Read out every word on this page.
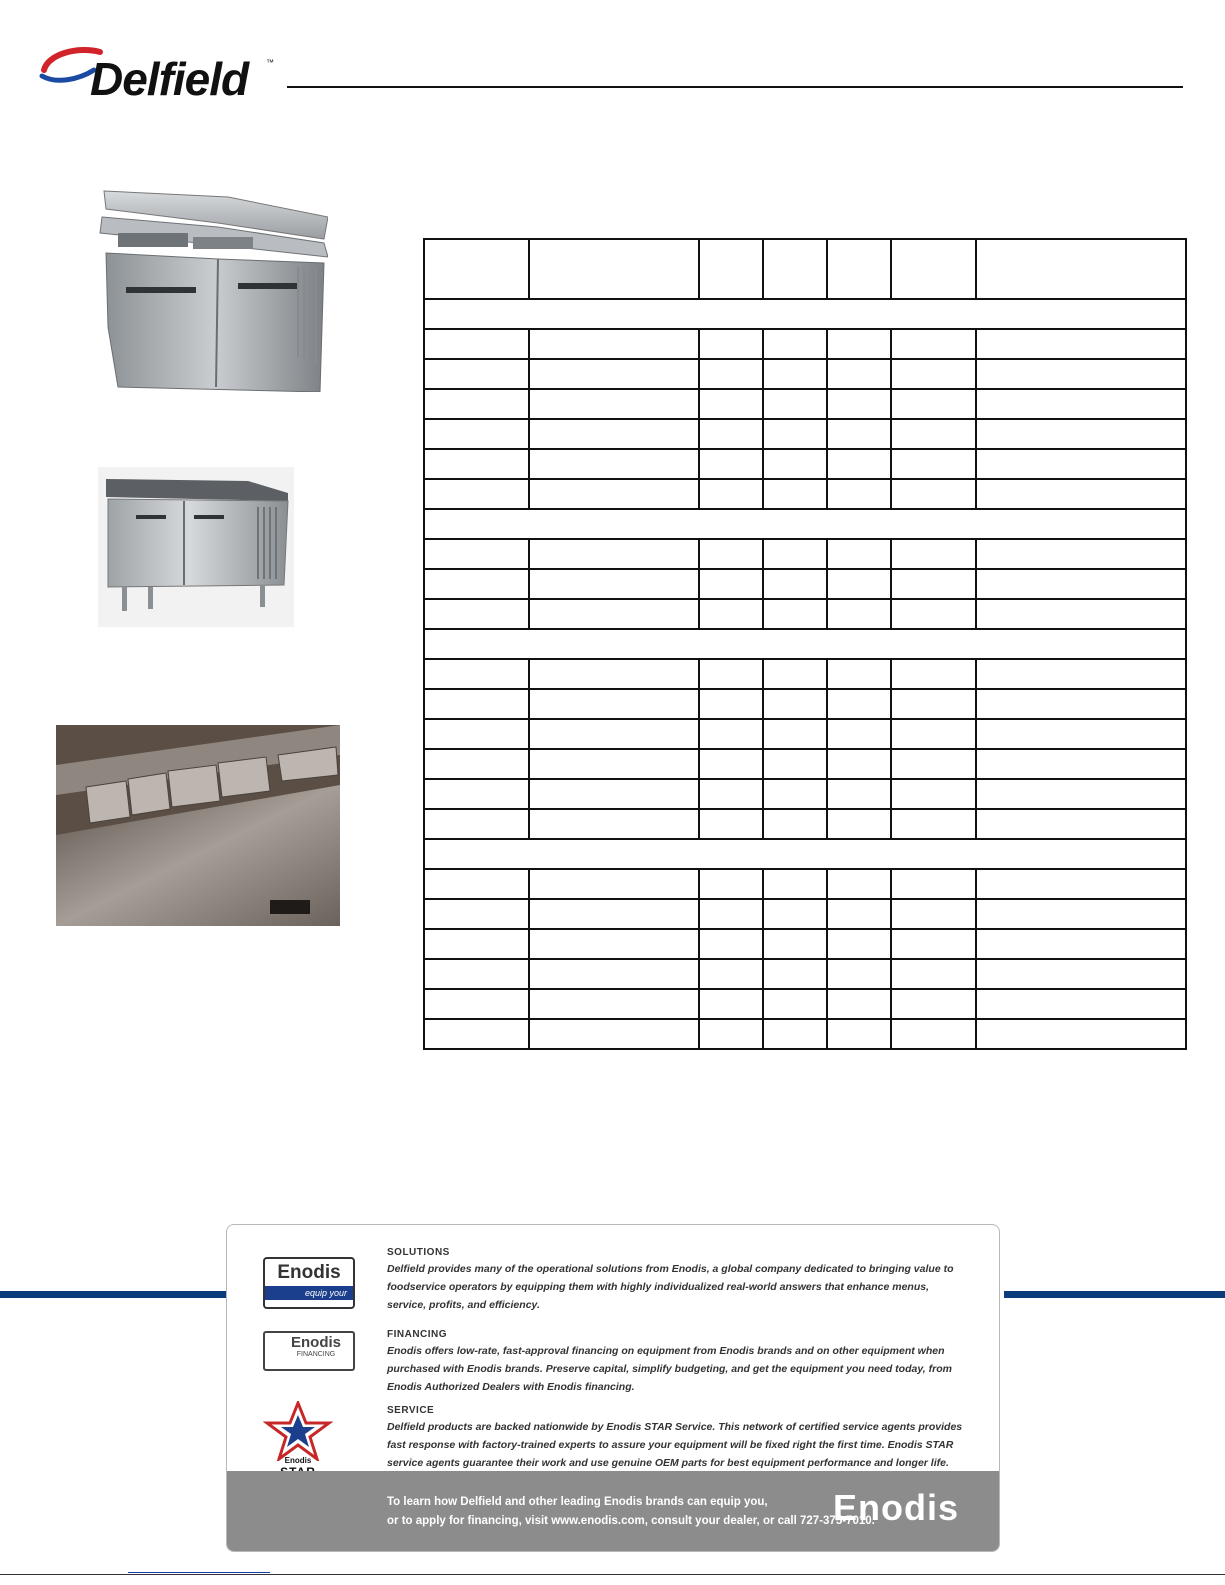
Delfield ™

Enodis
equip your
SOLUTIONS
Delfield provides many of the operational solutions from Enodis, a global company dedicated to bringing value to foodservice operators by equipping them with highly individualized real-world answers that enhance menus, service, profits, and efficiency.
Enodis
FINANCING
FINANCING
Enodis offers low-rate, fast-approval financing on equipment from Enodis brands and on other equipment when purchased with Enodis brands. Preserve capital, simplify budgeting, and get the equipment you need today, from Enodis Authorized Dealers with Enodis financing.
Enodis
SERVICE
Delfield products are backed nationwide by Enodis STAR Service. This network of certified service agents provides fast response with factory-trained experts to assure your equipment will be fixed right the first time. Enodis STAR service agents guarantee their work and use genuine OEM parts for best equipment performance and longer life.
To learn how Delfield and other leading Enodis brands can equip you,
or to apply for financing, visit www.enodis.com, consult your dealer, or call 727-375-7010.
Enodis
